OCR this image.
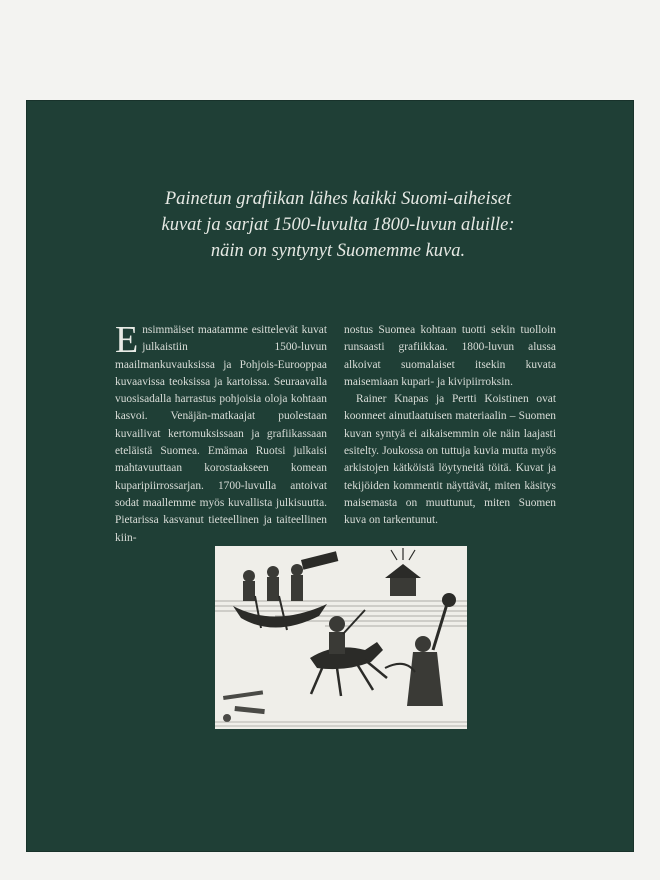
Painetun grafiikan lähes kaikki Suomi-aiheiset
kuvat ja sarjat 1500-luvulta 1800-luvun aluille:
näin on syntynyt Suomemme kuva.

Ensimmäiset maatamme esittelevät kuvat julkaistiin 1500-luvun maailmankuvauksissa ja Pohjois-Eurooppaa kuvaavissa teoksissa ja kartoissa. Seuraavalla vuosisadalla harrastus pohjoisia oloja kohtaan kasvoi. Venäjän-matkaajat puolestaan kuvailivat kertomuksissaan ja grafiikassaan eteläistä Suomea. Emämaa Ruotsi julkaisi mahtavuuttaan korostaakseen komean kuparipiirrossarjan. 1700-luvulla antoivat sodat maallemme myös kuvallista julkisuutta. Pietarissa kasvanut tieteellinen ja taiteellinen kiin-

nostus Suomea kohtaan tuotti sekin tuolloin runsaasti grafiikkaa. 1800-luvun alussa alkoivat suomalaiset itsekin kuvata maisemiaan kupari- ja kivipiirroksin.

Rainer Knapas ja Pertti Koistinen ovat koonneet ainutlaatuisen materiaalin – Suomen kuvan syntyä ei aikaisemmin ole näin laajasti esitelty. Joukossa on tuttuja kuvia mutta myös arkistojen kätköistä löytyneitä töitä. Kuvat ja tekijöiden kommentit näyttävät, miten käsitys maisemasta on muuttunut, miten Suomen kuva on tarkentunut.
